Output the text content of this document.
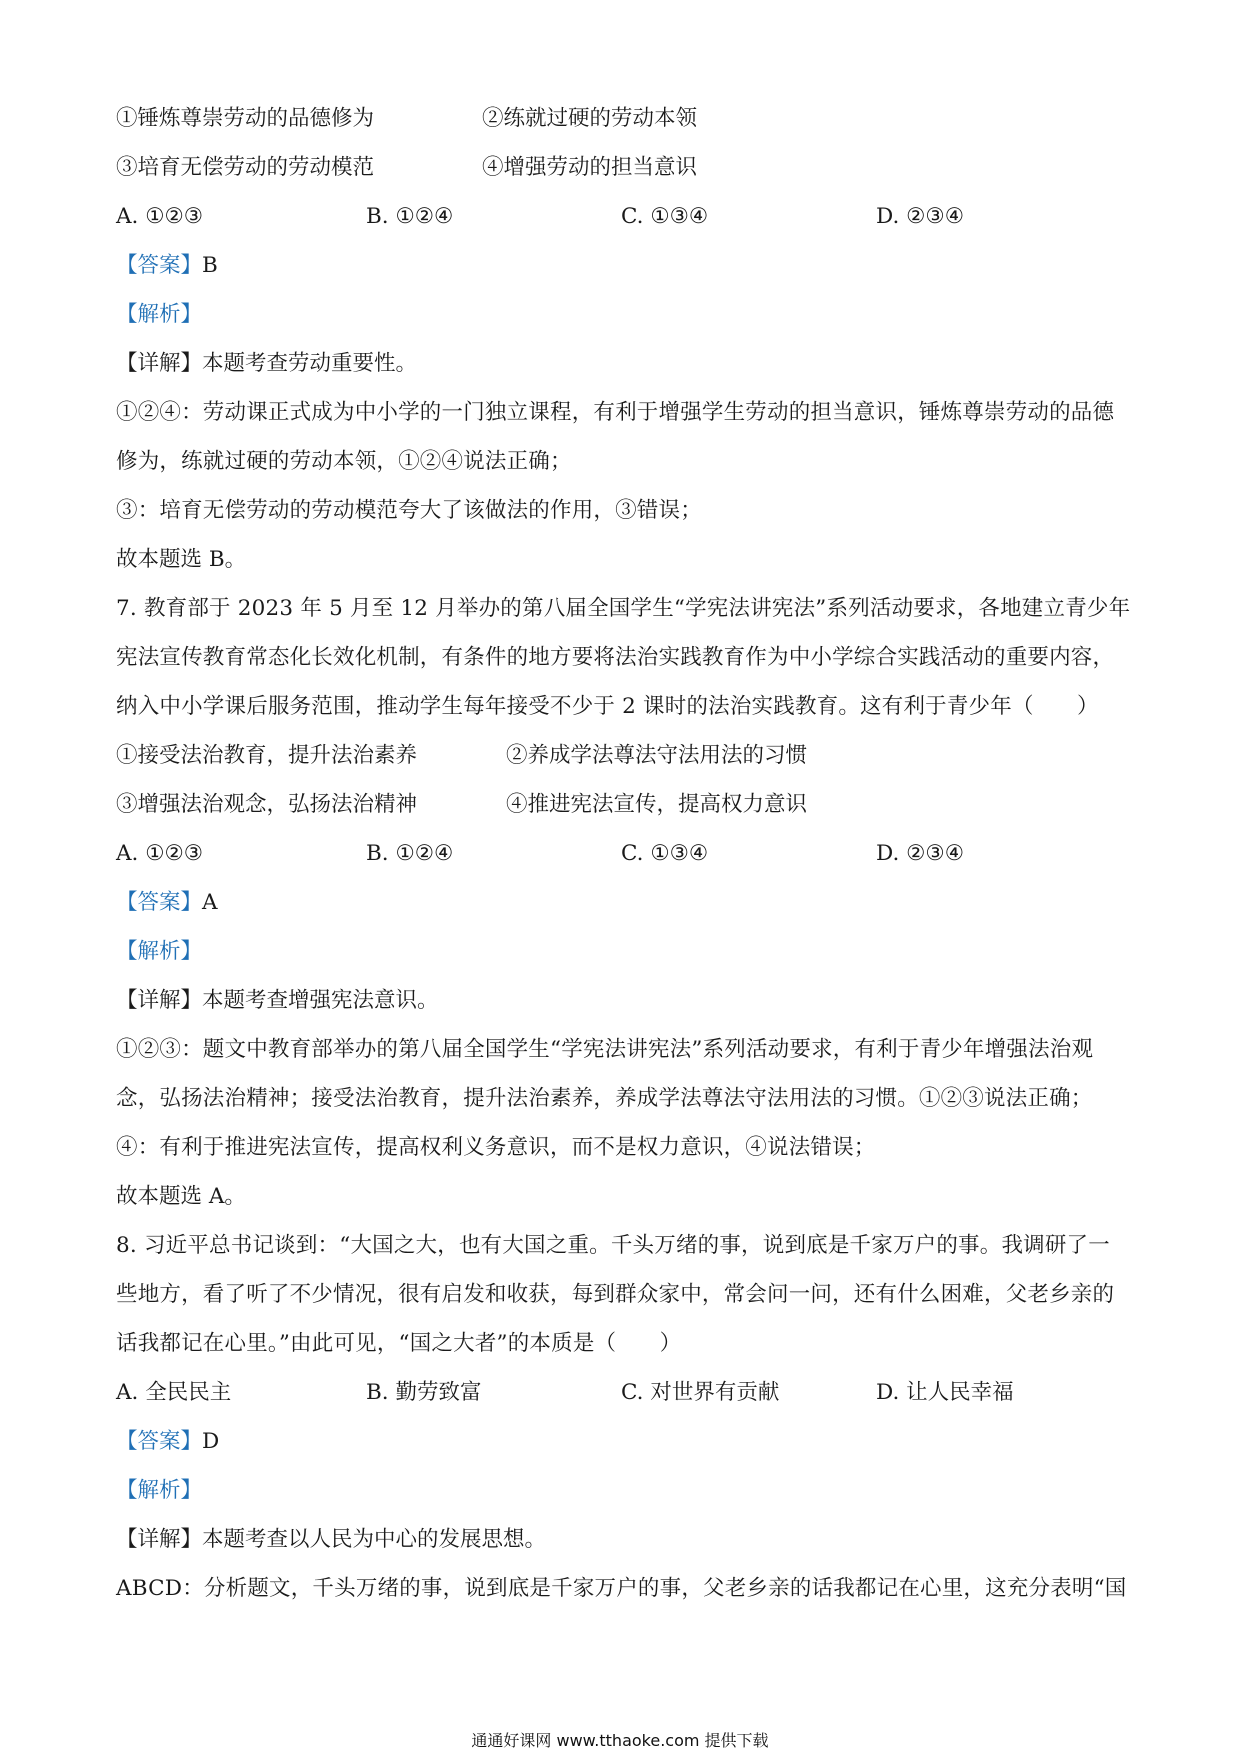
①锤炼尊崇劳动的品德修为	②练就过硬的劳动本领
③培育无偿劳动的劳动模范	④增强劳动的担当意识
A. ①②③	B. ①②④	C. ①③④	D. ②③④
【答案】B
【解析】
【详解】本题考查劳动重要性。
①②④：劳动课正式成为中小学的一门独立课程，有利于增强学生劳动的担当意识，锤炼尊崇劳动的品德
修为，练就过硬的劳动本领，①②④说法正确；
③：培育无偿劳动的劳动模范夸大了该做法的作用，③错误；
故本题选 B。
7. 教育部于 2023 年 5 月至 12 月举办的第八届全国学生“学宪法讲宪法”系列活动要求，各地建立青少年
宪法宣传教育常态化长效化机制，有条件的地方要将法治实践教育作为中小学综合实践活动的重要内容，
纳入中小学课后服务范围，推动学生每年接受不少于 2 课时的法治实践教育。这有利于青少年（　　）
①接受法治教育，提升法治素养	②养成学法尊法守法用法的习惯
③增强法治观念，弘扬法治精神	④推进宪法宣传，提高权力意识
A. ①②③	B. ①②④	C. ①③④	D. ②③④
【答案】A
【解析】
【详解】本题考查增强宪法意识。
①②③：题文中教育部举办的第八届全国学生“学宪法讲宪法”系列活动要求，有利于青少年增强法治观
念，弘扬法治精神；接受法治教育，提升法治素养，养成学法尊法守法用法的习惯。①②③说法正确；
④：有利于推进宪法宣传，提高权利义务意识，而不是权力意识，④说法错误；
故本题选 A。
8. 习近平总书记谈到：“大国之大，也有大国之重。千头万绪的事，说到底是千家万户的事。我调研了一
些地方，看了听了不少情况，很有启发和收获，每到群众家中，常会问一问，还有什么困难，父老乡亲的
话我都记在心里。”由此可见，“国之大者”的本质是（　　）
A. 全民民主	B. 勤劳致富	C. 对世界有贡献	D. 让人民幸福
【答案】D
【解析】
【详解】本题考查以人民为中心的发展思想。
ABCD：分析题文，千头万绪的事，说到底是千家万户的事，父老乡亲的话我都记在心里，这充分表明“国
通通好课网 www.tthaoke.com 提供下载
